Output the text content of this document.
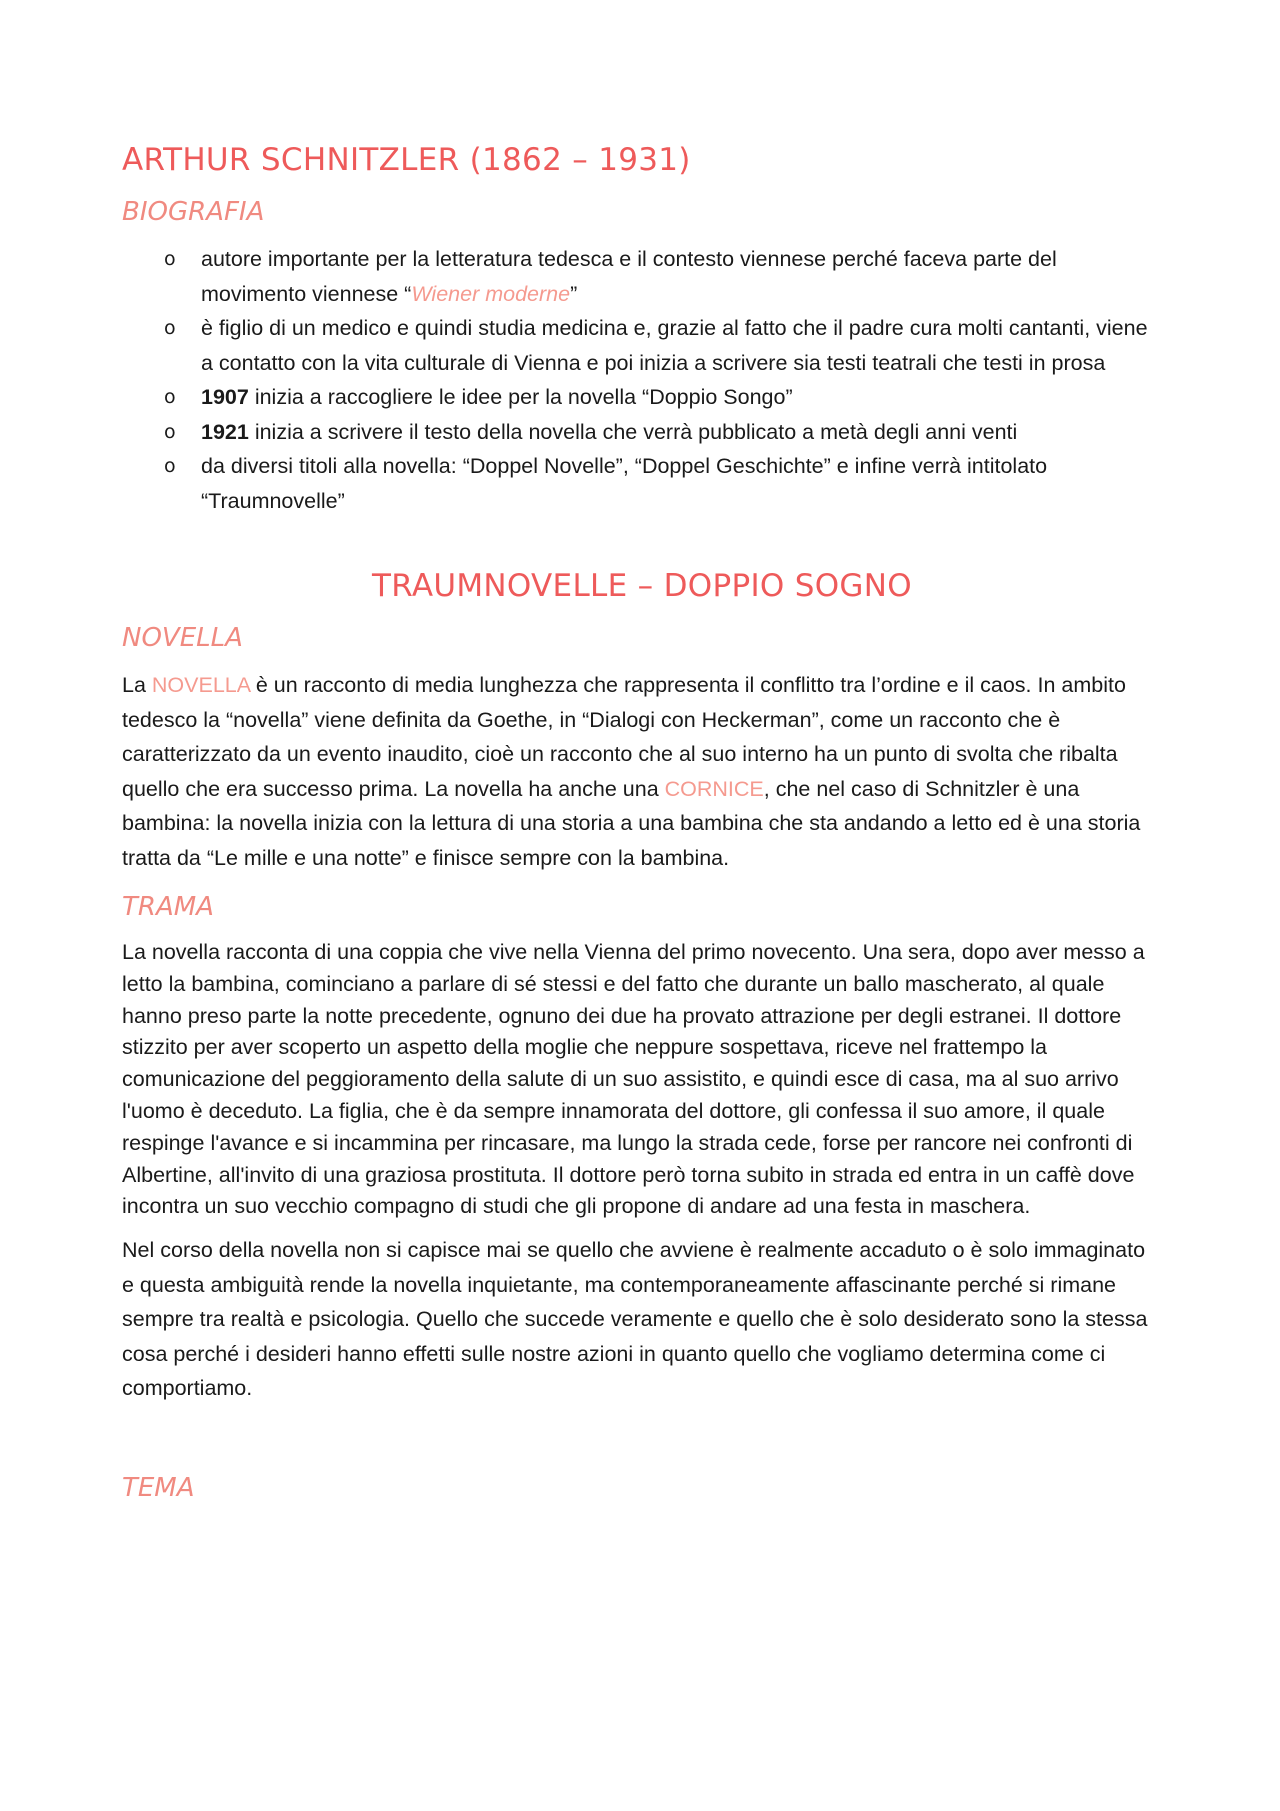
ARTHUR SCHNITZLER (1862 – 1931)
BIOGRAFIA
o autore importante per la letteratura tedesca e il contesto viennese perché faceva parte del movimento viennese “Wiener moderne”
o è figlio di un medico e quindi studia medicina e, grazie al fatto che il padre cura molti cantanti, viene a contatto con la vita culturale di Vienna e poi inizia a scrivere sia testi teatrali che testi in prosa
o 1907 inizia a raccogliere le idee per la novella “Doppio Songo”
o 1921 inizia a scrivere il testo della novella che verrà pubblicato a metà degli anni venti
o da diversi titoli alla novella: “Doppel Novelle”, “Doppel Geschichte” e infine verrà intitolato “Traumnovelle”
TRAUMNOVELLE – DOPPIO SOGNO
NOVELLA

La NOVELLA è un racconto di media lunghezza che rappresenta il conflitto tra l’ordine e il caos. In ambito tedesco la “novella” viene definita da Goethe, in “Dialogi con Heckerman”, come un racconto che è caratterizzato da un evento inaudito, cioè un racconto che al suo interno ha un punto di svolta che ribalta quello che era successo prima. La novella ha anche una CORNICE, che nel caso di Schnitzler è una bambina: la novella inizia con la lettura di una storia a una bambina che sta andando a letto ed è una storia tratta da “Le mille e una notte” e finisce sempre con la bambina.

TRAMA

La novella racconta di una coppia che vive nella Vienna del primo novecento. Una sera, dopo aver messo a letto la bambina, cominciano a parlare di sé stessi e del fatto che durante un ballo mascherato, al quale hanno preso parte la notte precedente, ognuno dei due ha provato attrazione per degli estranei. Il dottore stizzito per aver scoperto un aspetto della moglie che neppure sospettava, riceve nel frattempo la comunicazione del peggioramento della salute di un suo assistito, e quindi esce di casa, ma al suo arrivo l'uomo è deceduto. La figlia, che è da sempre innamorata del dottore, gli confessa il suo amore, il quale respinge l'avance e si incammina per rincasare, ma lungo la strada cede, forse per rancore nei confronti di Albertine, all'invito di una graziosa prostituta. Il dottore però torna subito in strada ed entra in un caffè dove incontra un suo vecchio compagno di studi che gli propone di andare ad una festa in maschera.

Nel corso della novella non si capisce mai se quello che avviene è realmente accaduto o è solo immaginato e questa ambiguità rende la novella inquietante, ma contemporaneamente affascinante perché si rimane sempre tra realtà e psicologia. Quello che succede veramente e quello che è solo desiderato sono la stessa cosa perché i desideri hanno effetti sulle nostre azioni in quanto quello che vogliamo determina come ci comportiamo.

TEMA
